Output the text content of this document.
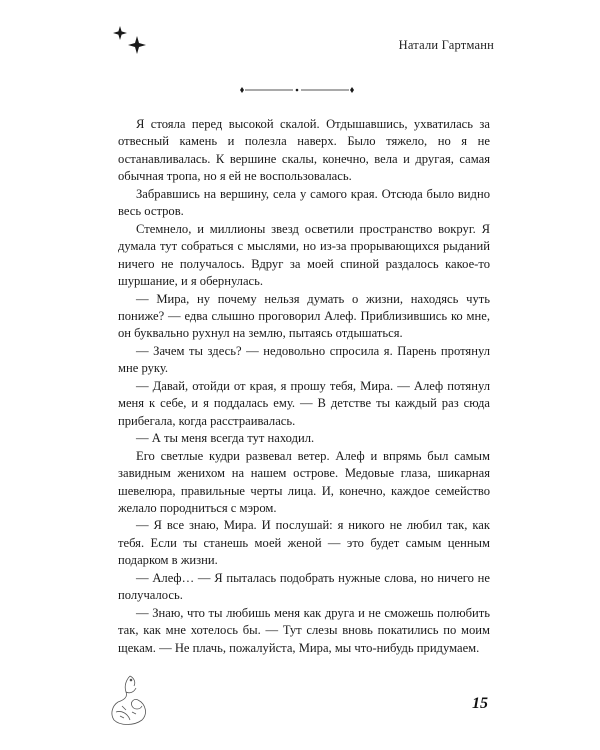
Натали Гартманн

Я стояла перед высокой скалой. Отдышавшись, ухватилась за отвесный камень и полезла наверх. Было тяжело, но я не останавливалась. К вершине скалы, конечно, вела и другая, самая обычная тропа, но я ей не воспользовалась.

Забравшись на вершину, села у самого края. Отсюда было видно весь остров.

Стемнело, и миллионы звезд осветили пространство вокруг. Я думала тут собраться с мыслями, но из-за прорывающихся рыданий ничего не получалось. Вдруг за моей спиной раздалось какое-то шуршание, и я обернулась.

— Мира, ну почему нельзя думать о жизни, находясь чуть пониже? — едва слышно проговорил Алеф. Приблизившись ко мне, он буквально рухнул на землю, пытаясь отдышаться.

— Зачем ты здесь? — недовольно спросила я. Парень протянул мне руку.

— Давай, отойди от края, я прошу тебя, Мира. — Алеф потянул меня к себе, и я поддалась ему. — В детстве ты каждый раз сюда прибегала, когда расстраивалась.

— А ты меня всегда тут находил.

Его светлые кудри развевал ветер. Алеф и впрямь был самым завидным женихом на нашем острове. Медовые глаза, шикарная шевелюра, правильные черты лица. И, конечно, каждое семейство желало породниться с мэром.

— Я все знаю, Мира. И послушай: я никого не любил так, как тебя. Если ты станешь моей женой — это будет самым ценным подарком в жизни.

— Алеф… — Я пыталась подобрать нужные слова, но ничего не получалось.

— Знаю, что ты любишь меня как друга и не сможешь полюбить так, как мне хотелось бы. — Тут слезы вновь покатились по моим щекам. — Не плачь, пожалуйста, Мира, мы что-нибудь придумаем.

15
